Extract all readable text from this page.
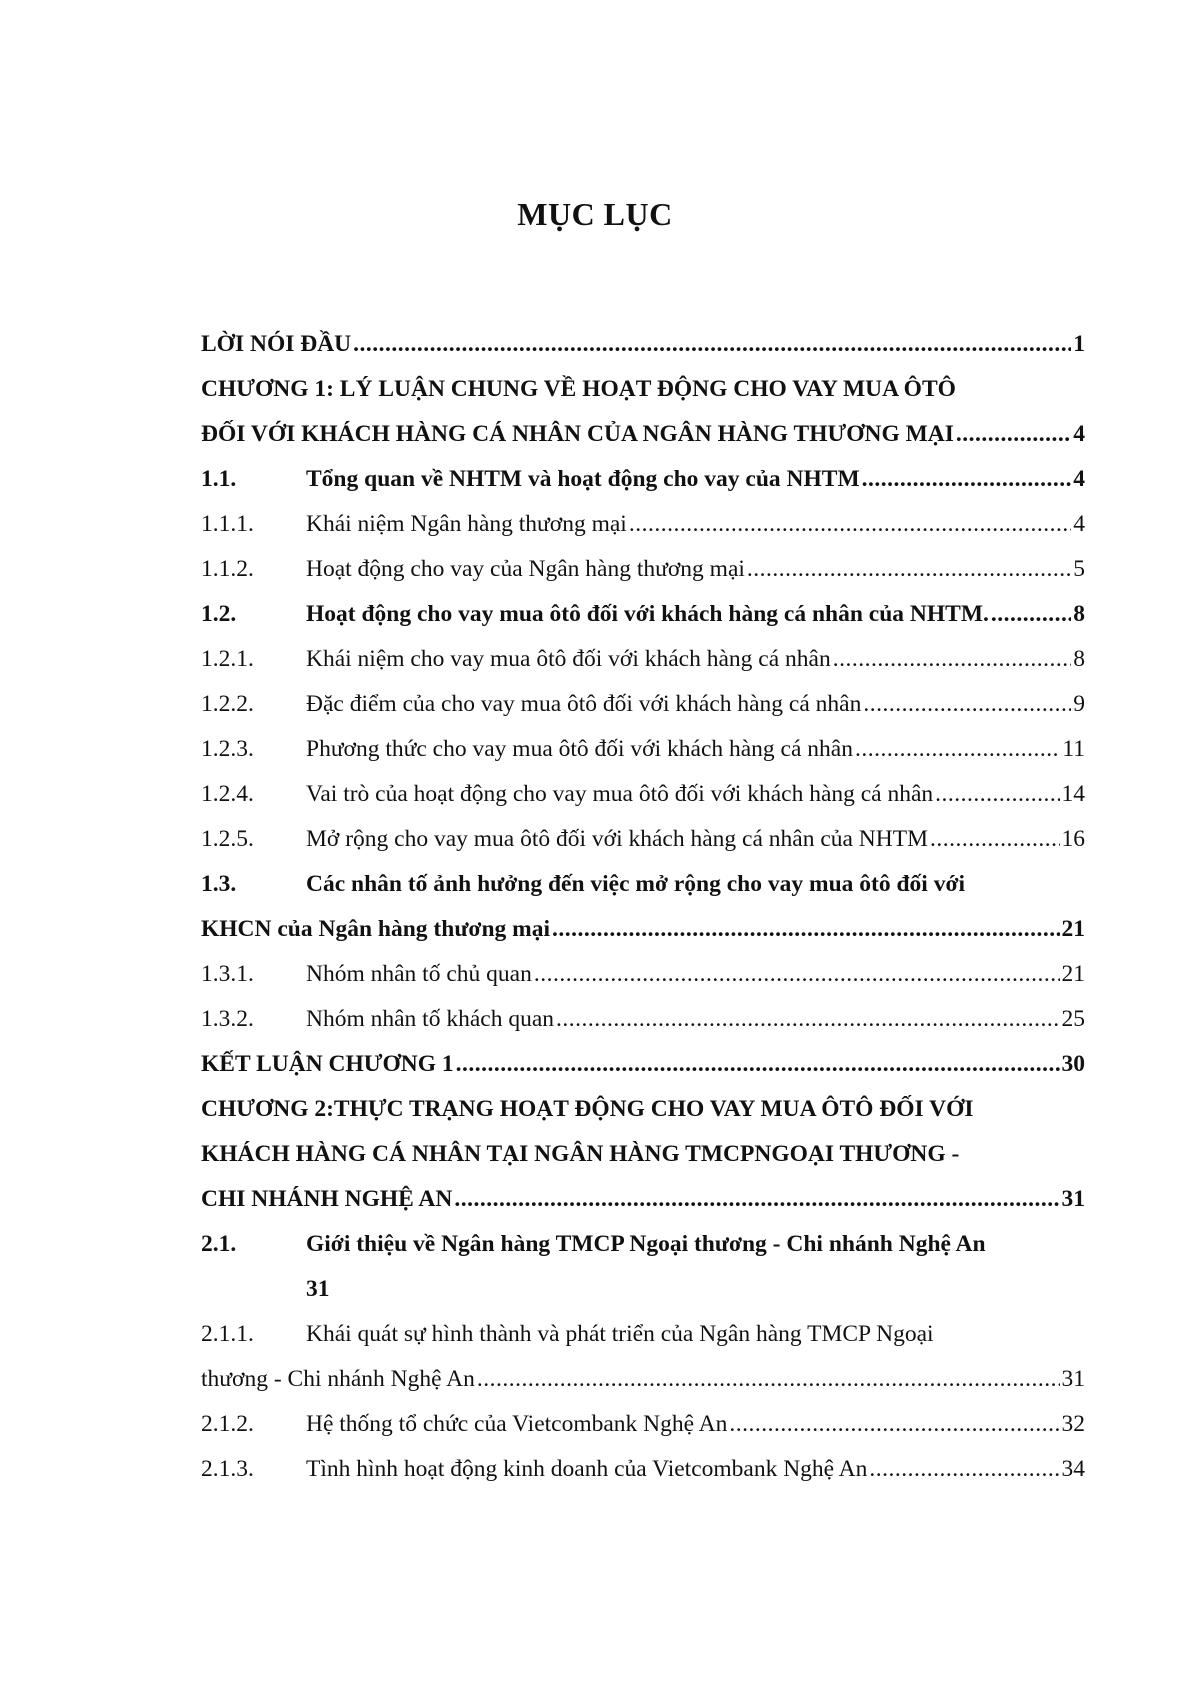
MỤC LỤC
LỜI NÓI ĐẦU .....	1
CHƯƠNG 1: LÝ LUẬN CHUNG VỀ HOẠT ĐỘNG CHO VAY MUA ÔTÔ
ĐỐI VỚI KHÁCH HÀNG CÁ NHÂN CỦA NGÂN HÀNG THƯƠNG MẠI .....	4
1.1.	Tổng quan về NHTM và hoạt động cho vay của NHTM .....	4
1.1.1.	Khái niệm Ngân hàng thương mại .....	4
1.1.2.	Hoạt động cho vay của Ngân hàng thương mại .....	5
1.2.	Hoạt động cho vay mua ôtô đối với khách hàng cá nhân của NHTM. .....	8
1.2.1.	Khái niệm cho vay mua ôtô đối với khách hàng cá nhân .....	8
1.2.2.	Đặc điểm của cho vay mua ôtô đối với khách hàng cá nhân .....	9
1.2.3.	Phương thức cho vay mua ôtô đối với khách hàng cá nhân .....	11
1.2.4.	Vai trò của hoạt động cho vay mua ôtô đối với khách hàng cá nhân .....	14
1.2.5.	Mở rộng cho vay mua ôtô đối với khách hàng cá nhân của NHTM .....	16
1.3.	Các nhân tố ảnh hưởng đến việc mở rộng cho vay mua ôtô đối với
KHCN của Ngân hàng thương mại .....	21
1.3.1.	Nhóm nhân tố chủ quan .....	21
1.3.2.	Nhóm nhân tố khách quan .....	25
KẾT LUẬN CHƯƠNG 1 .....	30
CHƯƠNG 2:THỰC TRẠNG HOẠT ĐỘNG CHO VAY MUA ÔTÔ ĐỐI VỚI
KHÁCH HÀNG CÁ NHÂN TẠI NGÂN HÀNG TMCPNGOẠI THƯƠNG -
CHI NHÁNH NGHỆ AN .....	31
2.1.	Giới thiệu về Ngân hàng TMCP Ngoại thương - Chi nhánh Nghệ An
31
2.1.1.	Khái quát sự hình thành và phát triển của Ngân hàng TMCP Ngoại
thương - Chi nhánh Nghệ An .....	31
2.1.2.	Hệ thống tổ chức của Vietcombank Nghệ An .....	32
2.1.3.	Tình hình hoạt động kinh doanh của Vietcombank Nghệ An .....	34
